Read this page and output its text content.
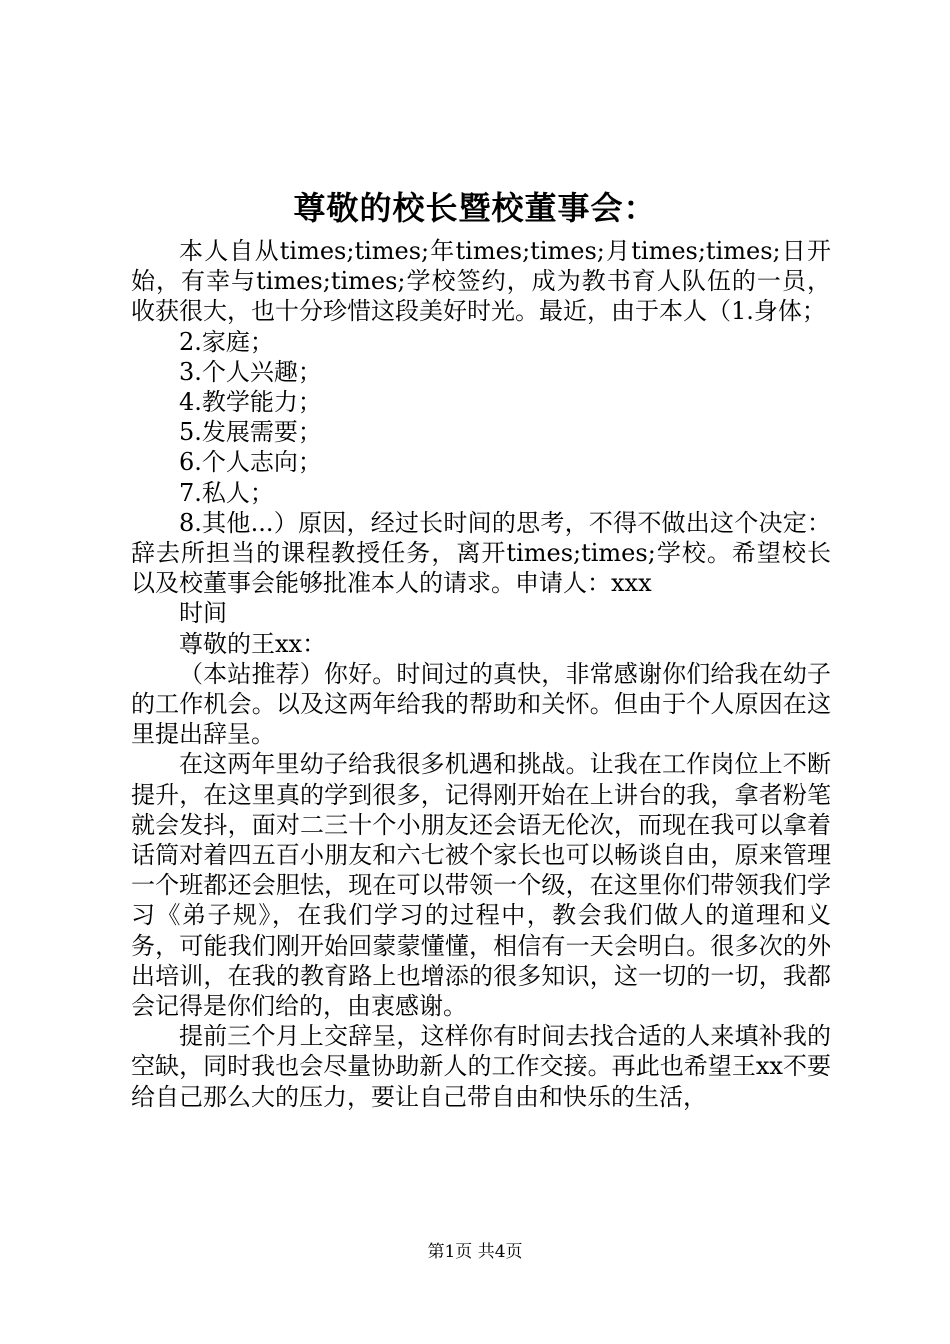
尊敬的校长暨校董事会：

本人自从times;times;年times;times;月times;times;日开始，有幸与times;times;学校签约，成为教书育人队伍的一员，收获很大，也十分珍惜这段美好时光。最近，由于本人（1.身体；

2.家庭；

3.个人兴趣；

4.教学能力；

5.发展需要；

6.个人志向；

7.私人；

8.其他...）原因，经过长时间的思考，不得不做出这个决定：辞去所担当的课程教授任务，离开times;times;学校。希望校长以及校董事会能够批准本人的请求。申请人：xxx

时间

尊敬的王xx：

（本站推荐）你好。时间过的真快，非常感谢你们给我在幼子的工作机会。以及这两年给我的帮助和关怀。但由于个人原因在这里提出辞呈。

在这两年里幼子给我很多机遇和挑战。让我在工作岗位上不断提升，在这里真的学到很多，记得刚开始在上讲台的我，拿者粉笔就会发抖，面对二三十个小朋友还会语无伦次，而现在我可以拿着话筒对着四五百小朋友和六七被个家长也可以畅谈自由，原来管理一个班都还会胆怯，现在可以带领一个级，在这里你们带领我们学习《弟子规》，在我们学习的过程中，教会我们做人的道理和义务，可能我们刚开始回蒙蒙懂懂，相信有一天会明白。很多次的外出培训，在我的教育路上也增添的很多知识，这一切的一切，我都会记得是你们给的，由衷感谢。

提前三个月上交辞呈，这样你有时间去找合适的人来填补我的空缺，同时我也会尽量协助新人的工作交接。再此也希望王xx不要给自己那么大的压力，要让自己带自由和快乐的生活，

第1页 共4页
